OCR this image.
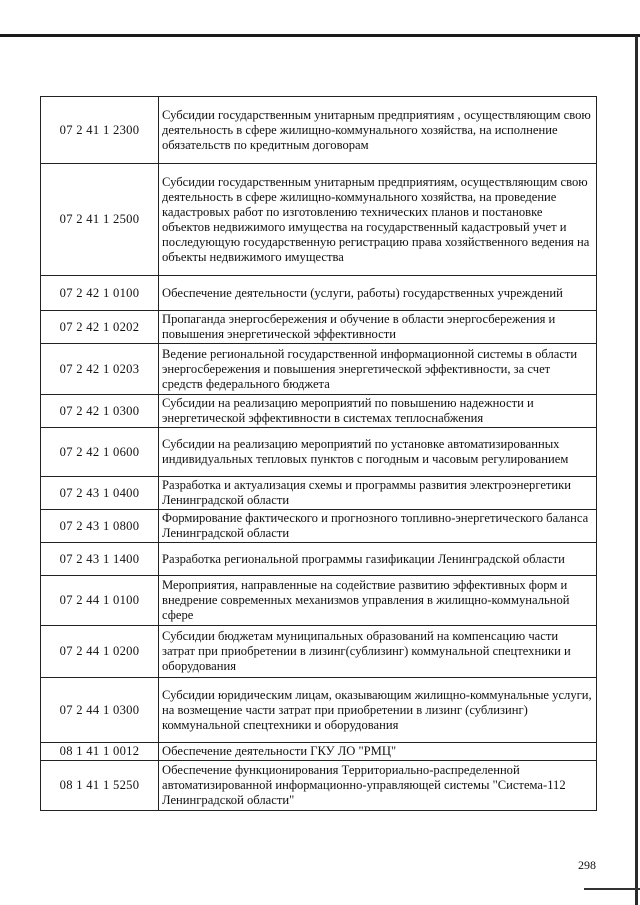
07 2 41 1 2300	Субсидии государственным унитарным предприятиям , осуществляющим свою деятельность в сфере жилищно-коммунального хозяйства, на исполнение обязательств по кредитным договорам
07 2 41 1 2500	Субсидии государственным унитарным предприятиям, осуществляющим свою деятельность в сфере жилищно-коммунального хозяйства, на проведение кадастровых работ по изготовлению технических планов и постановке объектов недвижимого имущества на государственный кадастровый учет и последующую государственную регистрацию права хозяйственного ведения на объекты недвижимого имущества
07 2 42 1 0100	Обеспечение деятельности (услуги, работы) государственных учреждений
07 2 42 1 0202	Пропаганда энергосбережения и обучение в области энергосбережения и повышения энергетической эффективности
07 2 42 1 0203	Ведение региональной государственной информационной системы в области энергосбережения и повышения энергетической эффективности, за счет средств федерального бюджета
07 2 42 1 0300	Субсидии на реализацию мероприятий по повышению надежности и энергетической эффективности в системах теплоснабжения
07 2 42 1 0600	Субсидии на реализацию мероприятий по установке автоматизированных индивидуальных тепловых пунктов с погодным и часовым регулированием
07 2 43 1 0400	Разработка и актуализация схемы и программы развития электроэнергетики Ленинградской области
07 2 43 1 0800	Формирование фактического и прогнозного топливно-энергетического баланса Ленинградской области
07 2 43 1 1400	Разработка региональной программы газификации Ленинградской области
07 2 44 1 0100	Мероприятия, направленные на содействие развитию эффективных форм и внедрение современных механизмов управления в жилищно-коммунальной сфере
07 2 44 1 0200	Субсидии бюджетам муниципальных образований на компенсацию части затрат при приобретении в лизинг(сублизинг) коммунальной спецтехники и оборудования
07 2 44 1 0300	Субсидии юридическим лицам, оказывающим жилищно-коммунальные услуги, на возмещение части затрат при приобретении в лизинг (сублизинг) коммунальной спецтехники и оборудования
08 1 41 1 0012	Обеспечение деятельности ГКУ ЛО "РМЦ"
08 1 41 1 5250	Обеспечение функционирования Территориально-распределенной автоматизированной информационно-управляющей системы "Система-112 Ленинградской области"
298
